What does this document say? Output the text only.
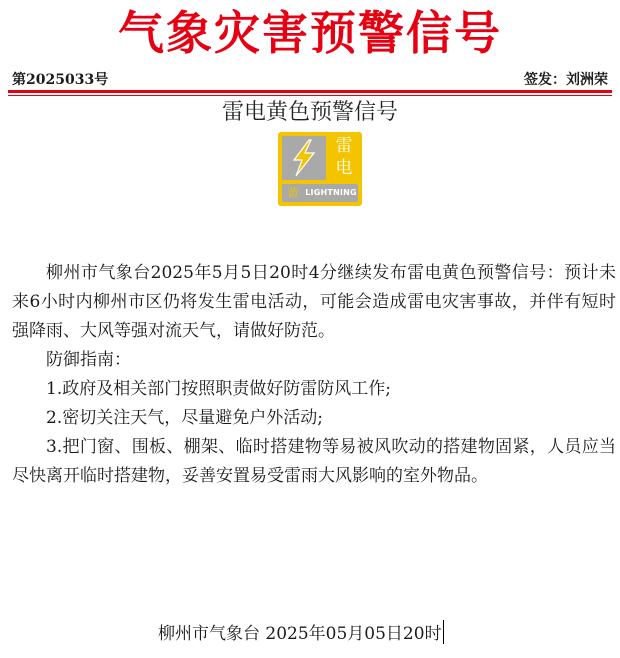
气象灾害预警信号
第2025033号	签发：刘洲荣
雷电黄色预警信号
雷
电
黄 LIGHTNING

柳州市气象台2025年5月5日20时4分继续发布雷电黄色预警信号：预计未来6小时内柳州市区仍将发生雷电活动，可能会造成雷电灾害事故，并伴有短时强降雨、大风等强对流天气，请做好防范。

防御指南：

1.政府及相关部门按照职责做好防雷防风工作;

2.密切关注天气，尽量避免户外活动;

3.把门窗、围板、棚架、临时搭建物等易被风吹动的搭建物固紧，人员应当尽快离开临时搭建物，妥善安置易受雷雨大风影响的室外物品。

柳州市气象台 2025年05月05日20时
